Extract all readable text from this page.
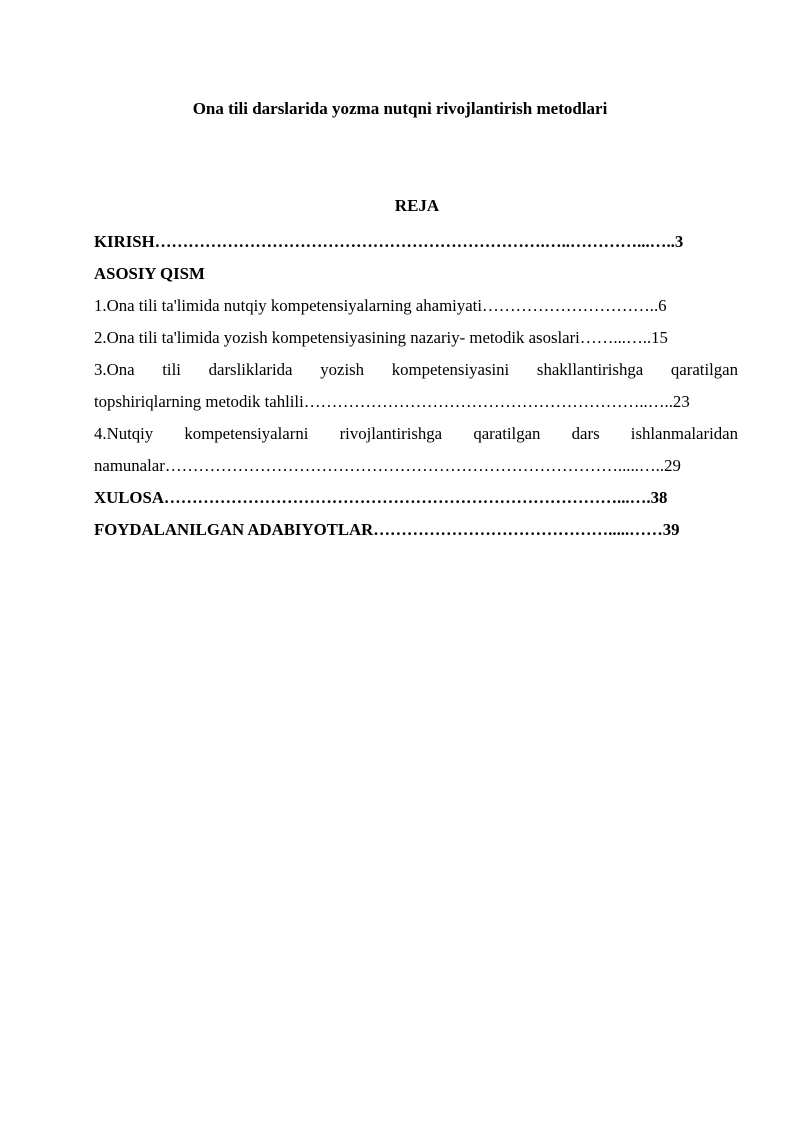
Ona tili darslarida yozma nutqni rivojlantirish metodlari
REJA
KIRISH…………………………………………………………….…..…………...…..3
ASOSIY QISM
1.Ona tili ta'limida nutqiy kompetensiyalarning ahamiyati…………………………..6
2.Ona tili ta'limida yozish kompetensiyasining nazariy- metodik asoslari……...…..15
3.Ona tili darsliklarida yozish kompetensiyasini shakllantirishga qaratilgan
topshiriqlarning metodik tahlili……………………………………………………..…..23
4.Nutqiy kompetensiyalarni rivojlantirishga qaratilgan dars ishlanmalaridan
namunalar……………………………………………………………………….....…..29
XULOSA………………………………………………………………………...….38
FOYDALANILGAN ADABIYOTLAR…………………………………….....……39
